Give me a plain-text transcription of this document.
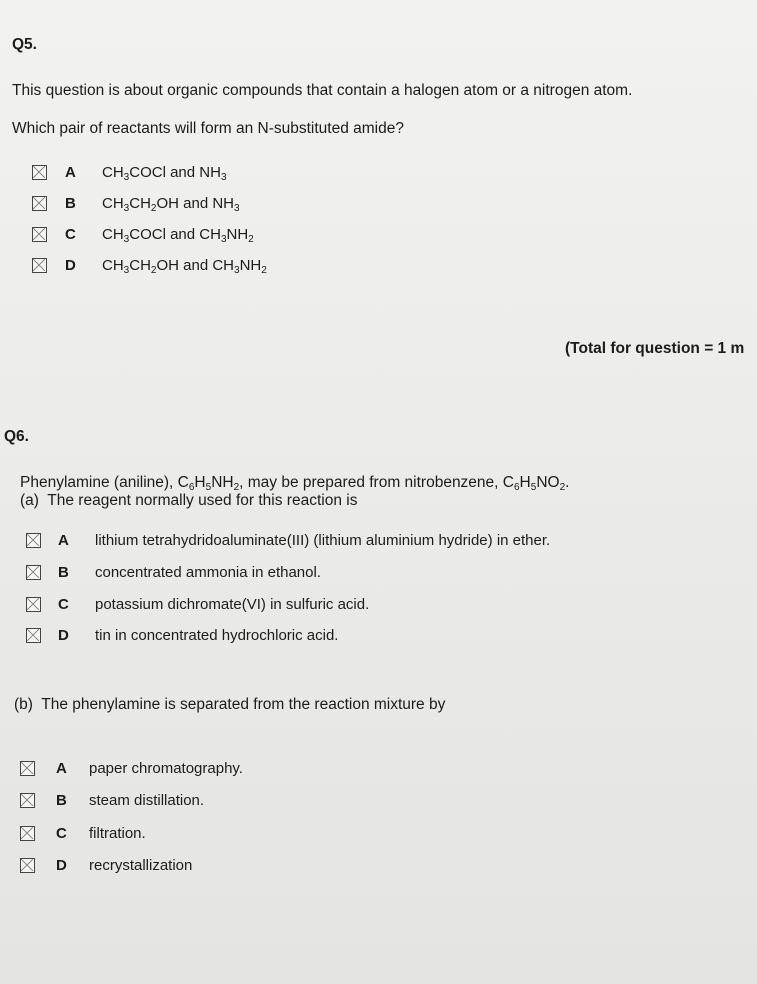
Q5.
This question is about organic compounds that contain a halogen atom or a nitrogen atom.
Which pair of reactants will form an N-substituted amide?
A $CH_3COCl$ and $NH_3$
B $CH_3CH_2OH$ and $NH_3$
C $CH_3COCl$ and $CH_3NH_2$
D $CH_3CH_2OH$ and $CH_3NH_2$
(Total for question = 1 m
Q6.
Phenylamine (aniline), $C_6H_5NH_2$, may be prepared from nitrobenzene, $C_6H_5NO_2$.
(a) The reagent normally used for this reaction is
A lithium tetrahydridoaluminate(III) (lithium aluminium hydride) in ether.
B concentrated ammonia in ethanol.
C potassium dichromate(VI) in sulfuric acid.
D tin in concentrated hydrochloric acid.
(b) The phenylamine is separated from the reaction mixture by
A paper chromatography.
B steam distillation.
C filtration.
D recrystallization
